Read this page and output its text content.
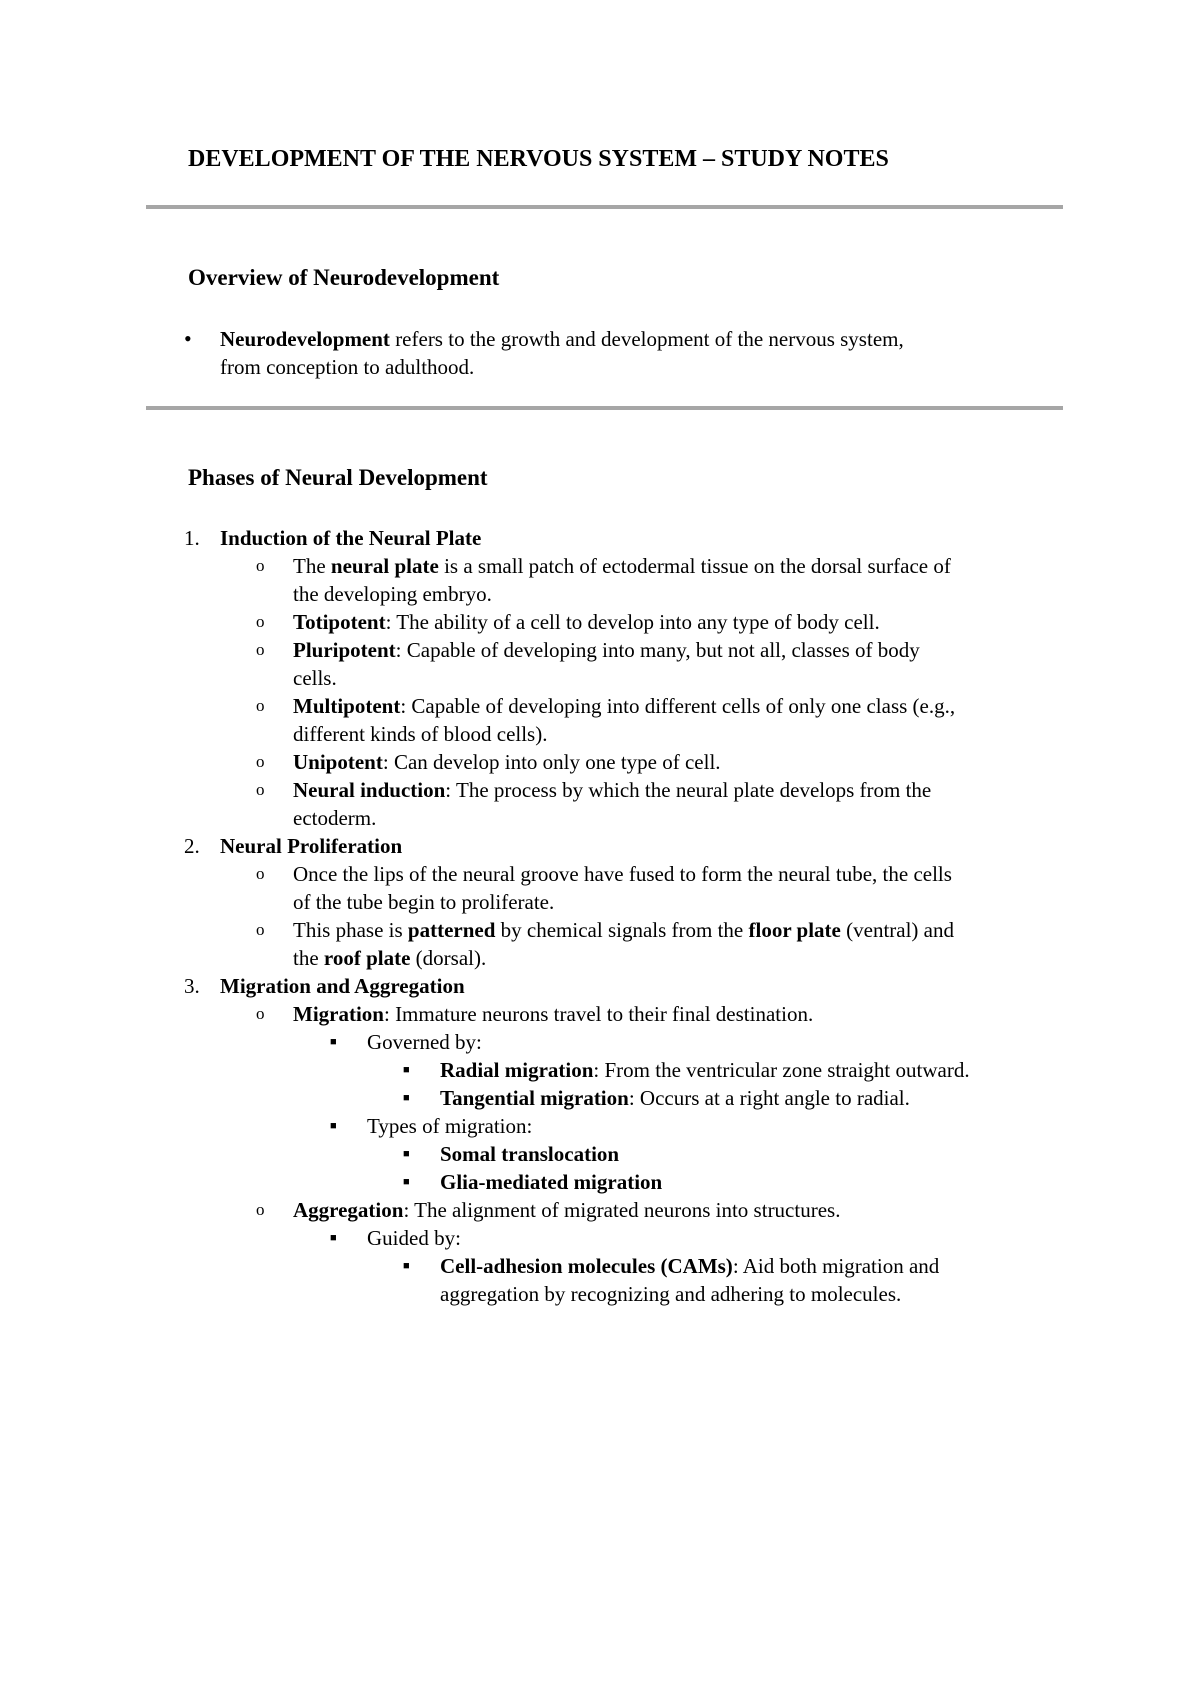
DEVELOPMENT OF THE NERVOUS SYSTEM – STUDY NOTES
Overview of Neurodevelopment
• Neurodevelopment refers to the growth and development of the nervous system,
from conception to adulthood.
Phases of Neural Development
1. Induction of the Neural Plate
o The neural plate is a small patch of ectodermal tissue on the dorsal surface of
the developing embryo.
o Totipotent: The ability of a cell to develop into any type of body cell.
o Pluripotent: Capable of developing into many, but not all, classes of body
cells.
o Multipotent: Capable of developing into different cells of only one class (e.g.,
different kinds of blood cells).
o Unipotent: Can develop into only one type of cell.
o Neural induction: The process by which the neural plate develops from the
ectoderm.
2. Neural Proliferation
o Once the lips of the neural groove have fused to form the neural tube, the cells
of the tube begin to proliferate.
o This phase is patterned by chemical signals from the floor plate (ventral) and
the roof plate (dorsal).
3. Migration and Aggregation
o Migration: Immature neurons travel to their final destination.
■ Governed by:
■ Radial migration: From the ventricular zone straight outward.
■ Tangential migration: Occurs at a right angle to radial.
■ Types of migration:
■ Somal translocation
■ Glia-mediated migration
o Aggregation: The alignment of migrated neurons into structures.
■ Guided by:
■ Cell-adhesion molecules (CAMs): Aid both migration and
aggregation by recognizing and adhering to molecules.
